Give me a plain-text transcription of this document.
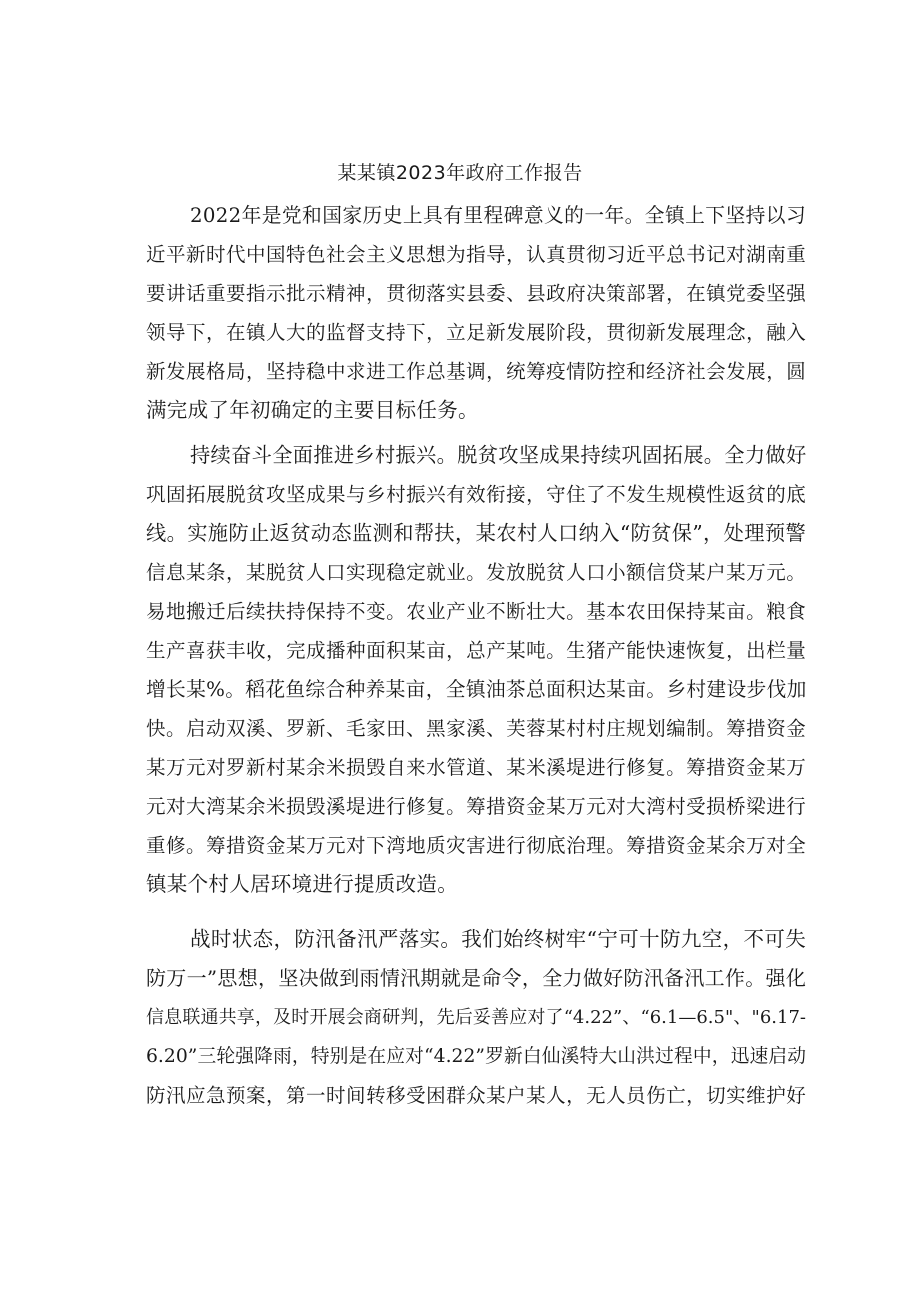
某某镇2023年政府工作报告
2022年是党和国家历史上具有里程碑意义的一年。全镇上下坚持以习
近平新时代中国特色社会主义思想为指导，认真贯彻习近平总书记对湖南重
要讲话重要指示批示精神，贯彻落实县委、县政府决策部署，在镇党委坚强
领导下，在镇人大的监督支持下，立足新发展阶段，贯彻新发展理念，融入
新发展格局，坚持稳中求进工作总基调，统筹疫情防控和经济社会发展，圆
满完成了年初确定的主要目标任务。
持续奋斗全面推进乡村振兴。脱贫攻坚成果持续巩固拓展。全力做好
巩固拓展脱贫攻坚成果与乡村振兴有效衔接，守住了不发生规模性返贫的底
线。实施防止返贫动态监测和帮扶，某农村人口纳入“防贫保”，处理预警
信息某条，某脱贫人口实现稳定就业。发放脱贫人口小额信贷某户某万元。
易地搬迁后续扶持保持不变。农业产业不断壮大。基本农田保持某亩。粮食
生产喜获丰收，完成播种面积某亩，总产某吨。生猪产能快速恢复，出栏量
增长某%。稻花鱼综合种养某亩，全镇油茶总面积达某亩。乡村建设步伐加
快。启动双溪、罗新、毛家田、黑家溪、芙蓉某村村庄规划编制。筹措资金
某万元对罗新村某余米损毁自来水管道、某米溪堤进行修复。筹措资金某万
元对大湾某余米损毁溪堤进行修复。筹措资金某万元对大湾村受损桥梁进行
重修。筹措资金某万元对下湾地质灾害进行彻底治理。筹措资金某余万对全
镇某个村人居环境进行提质改造。
战时状态，防汛备汛严落实。我们始终树牢“宁可十防九空，不可失
防万一”思想，坚决做到雨情汛期就是命令，全力做好防汛备汛工作。强化
信息联通共享，及时开展会商研判，先后妥善应对了“4.22”、“6.1—6.5"、"6.17-
6.20”三轮强降雨，特别是在应对“4.22”罗新白仙溪特大山洪过程中，迅速启动
防汛应急预案，第一时间转移受困群众某户某人，无人员伤亡，切实维护好
